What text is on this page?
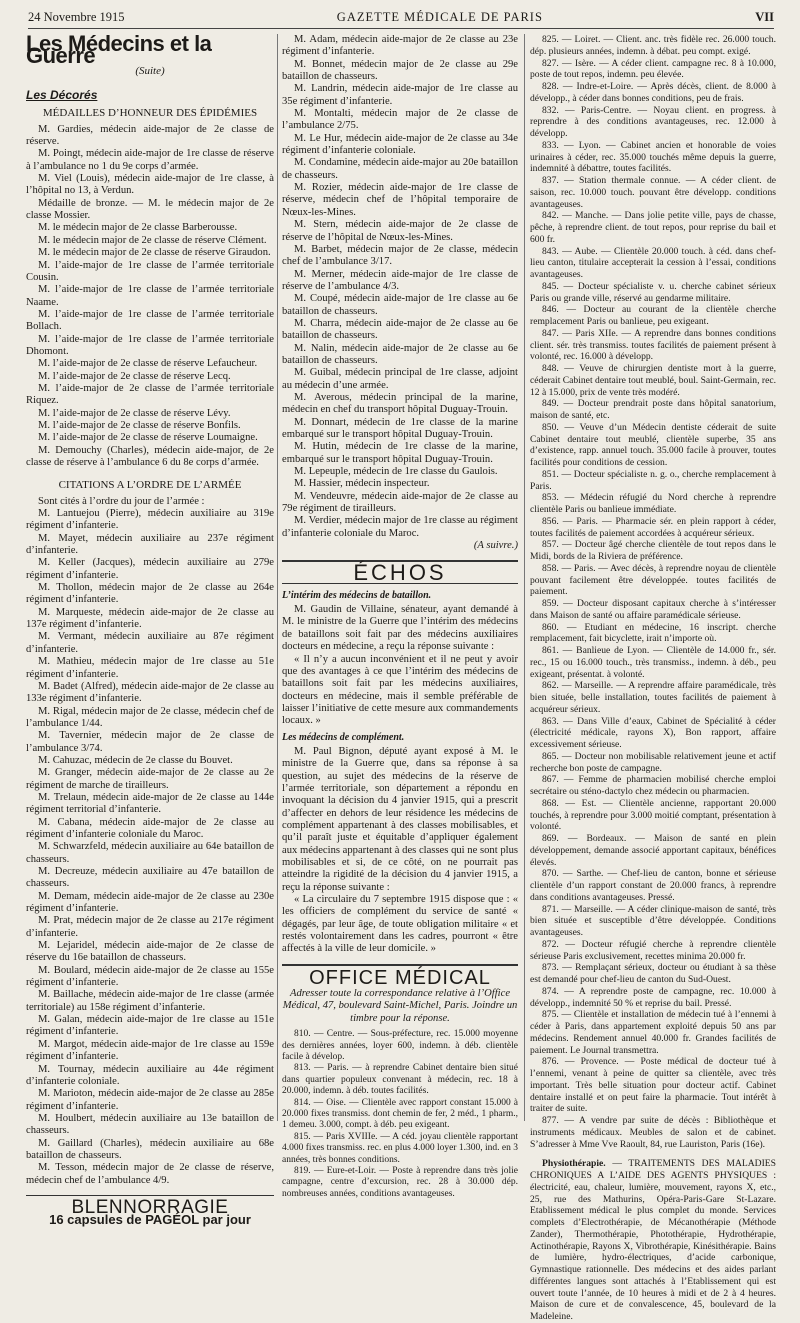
24 Novembre 1915	GAZETTE MÉDICALE DE PARIS	VII
Les Médecins et la Guerre
(Suite)
Les Décorés
MÉDAILLES D’HONNEUR DES ÉPIDÉMIES

M. Gardies, médecin aide-major de 2e classe de réserve.

M. Poingt, médecin aide-major de 1re classe de réserve à l’ambulance no 1 du 9e corps d’armée.

M. Viel (Louis), médecin aide-major de 1re classe, à l’hôpital no 13, à Verdun.

Médaille de bronze. — M. le médecin major de 2e classe Mossier.

M. le médecin major de 2e classe Barberousse.

M. le médecin major de 2e classe de réserve Clément.

M. le médecin major de 2e classe de réserve Giraudon.

M. l’aide-major de 1re classe de l’armée territoriale Cousin.

M. l’aide-major de 1re classe de l’armée territoriale Naame.

M. l’aide-major de 1re classe de l’armée territoriale Bollach.

M. l’aide-major de 1re classe de l’armée territoriale Dhomont.

M. l’aide-major de 2e classe de réserve Lefaucheur.

M. l’aide-major de 2e classe de réserve Lecq.

M. l’aide-major de 2e classe de l’armée territoriale Riquez.

M. l’aide-major de 2e classe de réserve Lévy.

M. l’aide-major de 2e classe de réserve Bonfils.

M. l’aide-major de 2e classe de réserve Loumaigne.

M. Demouchy (Charles), médecin aide-major, de 2e classe de réserve à l’ambulance 6 du 8e corps d’armée.

CITATIONS A L’ORDRE DE L’ARMÉE

Sont cités à l’ordre du jour de l’armée :

M. Lantuejou (Pierre), médecin auxiliaire au 319e régiment d’infanterie.

M. Mayet, médecin auxiliaire au 237e régiment d’infanterie.

M. Keller (Jacques), médecin auxiliaire au 279e régiment d’infanterie.

M. Thollon, médecin major de 2e classe au 264e régiment d’infanterie.

M. Marqueste, médecin aide-major de 2e classe au 137e régiment d’infanterie.

M. Vermant, médecin auxiliaire au 87e régiment d’infanterie.

M. Mathieu, médecin major de 1re classe au 51e régiment d’infanterie.

M. Badet (Alfred), médecin aide-major de 2e classe au 133e régiment d’infanterie.

M. Rigal, médecin major de 2e classe, médecin chef de l’ambulance 1/44.

M. Tavernier, médecin major de 2e classe de l’ambulance 3/74.

M. Cahuzac, médecin de 2e classe du Bouvet.

M. Granger, médecin aide-major de 2e classe au 2e régiment de marche de tirailleurs.

M. Trelaun, médecin aide-major de 2e classe au 144e régiment territorial d’infanterie.

M. Cabana, médecin aide-major de 2e classe au régiment d’infanterie coloniale du Maroc.

M. Schwarzfeld, médecin auxiliaire au 64e bataillon de chasseurs.

M. Decreuze, médecin auxiliaire au 47e bataillon de chasseurs.

M. Demam, médecin aide-major de 2e classe au 230e régiment d’infanterie.

M. Prat, médecin major de 2e classe au 217e régiment d’infanterie.

M. Lejaridel, médecin aide-major de 2e classe de réserve du 16e bataillon de chasseurs.

M. Boulard, médecin aide-major de 2e classe au 155e régiment d’infanterie.

M. Baillache, médecin aide-major de 1re classe (armée territoriale) au 158e régiment d’infanterie.

M. Galan, médecin aide-major de 1re classe au 151e régiment d’infanterie.

M. Margot, médecin aide-major de 1re classe au 159e régiment d’infanterie.

M. Tournay, médecin auxiliaire au 44e régiment d’infanterie coloniale.

M. Marioton, médecin aide-major de 2e classe au 285e régiment d’infanterie.

M. Houlbert, médecin auxiliaire au 13e bataillon de chasseurs.

M. Gaillard (Charles), médecin auxiliaire au 68e bataillon de chasseurs.

M. Tesson, médecin major de 2e classe de réserve, médecin chef de l’ambulance 4/9.

BLENNORRAGIE
16 capsules de PAGÉOL par jour

M. Adam, médecin aide-major de 2e classe au 23e régiment d’infanterie.

M. Bonnet, médecin major de 2e classe au 29e bataillon de chasseurs.

M. Landrin, médecin aide-major de 1re classe au 35e régiment d’infanterie.

M. Montalti, médecin major de 2e classe de l’ambulance 2/75.

M. Le Hur, médecin aide-major de 2e classe au 34e régiment d’infanterie coloniale.

M. Condamine, médecin aide-major au 20e bataillon de chasseurs.

M. Rozier, médecin aide-major de 1re classe de réserve, médecin chef de l’hôpital temporaire de Nœux-les-Mines.

M. Stern, médecin aide-major de 2e classe de réserve de l’hôpital de Nœux-les-Mines.

M. Barbet, médecin major de 2e classe, médecin chef de l’ambulance 3/17.

M. Merner, médecin aide-major de 1re classe de réserve de l’ambulance 4/3.

M. Coupé, médecin aide-major de 1re classe au 6e bataillon de chasseurs.

M. Charra, médecin aide-major de 2e classe au 6e bataillon de chasseurs.

M. Nalin, médecin aide-major de 2e classe au 6e bataillon de chasseurs.

M. Guibal, médecin principal de 1re classe, adjoint au médecin d’une armée.

M. Averous, médecin principal de la marine, médecin en chef du transport hôpital Duguay-Trouin.

M. Donnart, médecin de 1re classe de la marine embarqué sur le transport hôpital Duguay-Trouin.

M. Hutin, médecin de 1re classe de la marine, embarqué sur le transport hôpital Duguay-Trouin.

M. Lepeuple, médecin de 1re classe du Gaulois.

M. Hassier, médecin inspecteur.

M. Vendeuvre, médecin aide-major de 2e classe au 79e régiment de tirailleurs.

M. Verdier, médecin major de 1re classe au régiment d’infanterie coloniale du Maroc.

(A suivre.)
ÉCHOS
L’intérim des médecins de bataillon.

M. Gaudin de Villaine, sénateur, ayant demandé à M. le ministre de la Guerre que l’intérim des médecins de bataillons soit fait par des médecins auxiliaires docteurs en médecine, a reçu la réponse suivante :

« Il n’y a aucun inconvénient et il ne peut y avoir que des avantages à ce que l’intérim des médecins de bataillons soit fait par les médecins auxiliaires, docteurs en médecine, mais il semble préférable de laisser l’initiative de cette mesure aux commandements locaux. »

Les médecins de complément.

M. Paul Bignon, député ayant exposé à M. le ministre de la Guerre que, dans sa réponse à sa question, au sujet des médecins de la réserve de l’armée territoriale, son département a répondu en invoquant la décision du 4 janvier 1915, qui a prescrit d’affecter en dehors de leur résidence les médecins de complément appartenant à des classes mobilisables, et qu’il paraît juste et équitable d’appliquer également aux médecins appartenant à des classes qui ne sont plus mobilisables et si, de ce côté, on ne pourrait pas atteindre la rigidité de la décision du 4 janvier 1915, a reçu la réponse suivante :

« La circulaire du 7 septembre 1915 dispose que : « les officiers de complément du service de santé « dégagés, par leur âge, de toute obligation militaire « et restés volontairement dans les cadres, pourront « être affectés à la ville de leur domicile. »

OFFICE MÉDICAL
Adresser toute la correspondance relative à l’Office Médical, 47, boulevard Saint-Michel, Paris. Joindre un timbre pour la réponse.

810. — Centre. — Sous-préfecture, rec. 15.000 moyenne des dernières années, loyer 600, indemn. à déb. clientèle facile à dévelop.

813. — Paris. — à reprendre Cabinet dentaire bien situé dans quartier populeux convenant à médecin, rec. 18 à 20.000, indemn. à déb. toutes facilités.

814. — Oise. — Clientèle avec rapport constant 15.000 à 20.000 fixes transmiss. dont chemin de fer, 2 méd., 1 pharm., 1 demeu. 3.000, compt. à déb. peu exigeant.

815. — Paris XVIIIe. — A céd. joyau clientèle rapportant 4.000 fixes transmiss. rec. en plus 4.000 loyer 1.300, ind. en 3 années, très bonnes conditions.

819. — Eure-et-Loir. — Poste à reprendre dans très jolie campagne, centre d’excursion, rec. 28 à 30.000 dép. nombreuses années, conditions avantageuses.

825. — Loiret. — Client. anc. très fidèle rec. 26.000 touch. dép. plusieurs années, indemn. à débat. peu compt. exigé.

827. — Isère. — A céder client. campagne rec. 8 à 10.000, poste de tout repos, indemn. peu élevée.

828. — Indre-et-Loire. — Après décès, client. de 8.000 à développ., à céder dans bonnes conditions, peu de frais.

832. — Paris-Centre. — Noyau client. en progress. à reprendre à des conditions avantageuses, rec. 12.000 à développ.

833. — Lyon. — Cabinet ancien et honorable de voies urinaires à céder, rec. 35.000 touchés même depuis la guerre, indemnité à débattre, toutes facilités.

837. — Station thermale connue. — A céder client. de saison, rec. 10.000 touch. pouvant être développ. conditions avantageuses.

842. — Manche. — Dans jolie petite ville, pays de chasse, pêche, à reprendre client. de tout repos, pour reprise du bail et 600 fr.

843. — Aube. — Clientèle 20.000 touch. à céd. dans chef-lieu canton, titulaire accepterait la cession à l’essai, conditions avantageuses.

845. — Docteur spécialiste v. u. cherche cabinet sérieux Paris ou grande ville, réservé au gendarme militaire.

846. — Docteur au courant de la clientèle cherche remplacement Paris ou banlieue, peu exigeant.

847. — Paris XIIe. — A reprendre dans bonnes conditions client. sér. très transmiss. toutes facilités de paiement présent à volonté, rec. 16.000 à développ.

848. — Veuve de chirurgien dentiste mort à la guerre, céderait Cabinet dentaire tout meublé, boul. Saint-Germain, rec. 12 à 15.000, prix de vente très modéré.

849. — Docteur prendrait poste dans hôpital sanatorium, maison de santé, etc.

850. — Veuve d’un Médecin dentiste céderait de suite Cabinet dentaire tout meublé, clientèle superbe, 35 ans d’existence, rapp. annuel touch. 35.000 facile à prouver, toutes facilités pour conditions de cession.

851. — Docteur spécialiste n. g. o., cherche remplacement à Paris.

853. — Médecin réfugié du Nord cherche à reprendre clientèle Paris ou banlieue immédiate.

856. — Paris. — Pharmacie sér. en plein rapport à céder, toutes facilités de paiement accordées à acquéreur sérieux.

857. — Docteur âgé cherche clientèle de tout repos dans le Midi, bords de la Riviera de préférence.

858. — Paris. — Avec décès, à reprendre noyau de clientèle pouvant facilement être développée. toutes facilités de paiement.

859. — Docteur disposant capitaux cherche à s’intéresser dans Maison de santé ou affaire paramédicale sérieuse.

860. — Etudiant en médecine, 16 inscript. cherche remplacement, fait bicyclette, irait n’importe où.

861. — Banlieue de Lyon. — Clientèle de 14.000 fr., sér. rec., 15 ou 16.000 touch., très transmiss., indemn. à déb., peu exigeant, présentat. à volonté.

862. — Marseille. — A reprendre affaire paramédicale, très bien située, belle installation, toutes facilités de paiement à acquéreur sérieux.

863. — Dans Ville d’eaux, Cabinet de Spécialité à céder (électricité médicale, rayons X), Bon rapport, affaire excessivement sérieuse.

865. — Docteur non mobilisable relativement jeune et actif recherche bon poste de campagne.

867. — Femme de pharmacien mobilisé cherche emploi secrétaire ou sténo-dactylo chez médecin ou pharmacien.

868. — Est. — Clientèle ancienne, rapportant 20.000 touchés, à reprendre pour 3.000 moitié comptant, présentation à volonté.

869. — Bordeaux. — Maison de santé en plein développement, demande associé apportant capitaux, bénéfices élevés.

870. — Sarthe. — Chef-lieu de canton, bonne et sérieuse clientèle d’un rapport constant de 20.000 francs, à reprendre dans conditions avantageuses. Pressé.

871. — Marseille. — A céder clinique-maison de santé, très bien située et susceptible d’être développée. Conditions avantageuses.

872. — Docteur réfugié cherche à reprendre clientèle sérieuse Paris exclusivement, recettes minima 20.000 fr.

873. — Remplaçant sérieux, docteur ou étudiant à sa thèse est demandé pour chef-lieu de canton du Sud-Ouest.

874. — A reprendre poste de campagne, rec. 10.000 à développ., indemnité 50 % et reprise du bail. Pressé.

875. — Clientèle et installation de médecin tué à l’ennemi à céder à Paris, dans appartement exploité depuis 50 ans par médecins. Rendement annuel 40.000 fr. Grandes facilités de paiement. Le Journal transmettra.

876. — Provence. — Poste médical de docteur tué à l’ennemi, venant à peine de quitter sa clientèle, avec très important. Très belle situation pour docteur actif. Cabinet dentaire installé et on peut faire la pharmacie. Tout intérêt à traiter de suite.

877. — A vendre par suite de décès : Bibliothèque et instruments médicaux. Meubles de salon et de cabinet. S’adresser à Mme Vve Raoult, 84, rue Lauriston, Paris (16e).

Physiothérapie. — TRAITEMENTS DES MALADIES CHRONIQUES A L’AIDE DES AGENTS PHYSIQUES : électricité, eau, chaleur, lumière, mouvement, rayons X, etc., 25, rue des Mathurins, Opéra-Paris-Gare St-Lazare. Etablissement médical le plus complet du monde. Services complets d’Electrothérapie, de Mécanothérapie (Méthode Zander), Thermothérapie, Photothérapie, Hydrothérapie, Actinothérapie, Rayons X, Vibrothérapie, Kinésithérapie. Bains de lumière, hydro-électriques, d’acide carbonique, Gymnastique rationnelle. Des médecins et des aides parlant différentes langues sont attachés à l’Etablissement qui est ouvert toute l’année, de 10 heures à midi et de 2 à 4 heures. Maison de cure et de convalescence, 45, boulevard de la Madeleine.
